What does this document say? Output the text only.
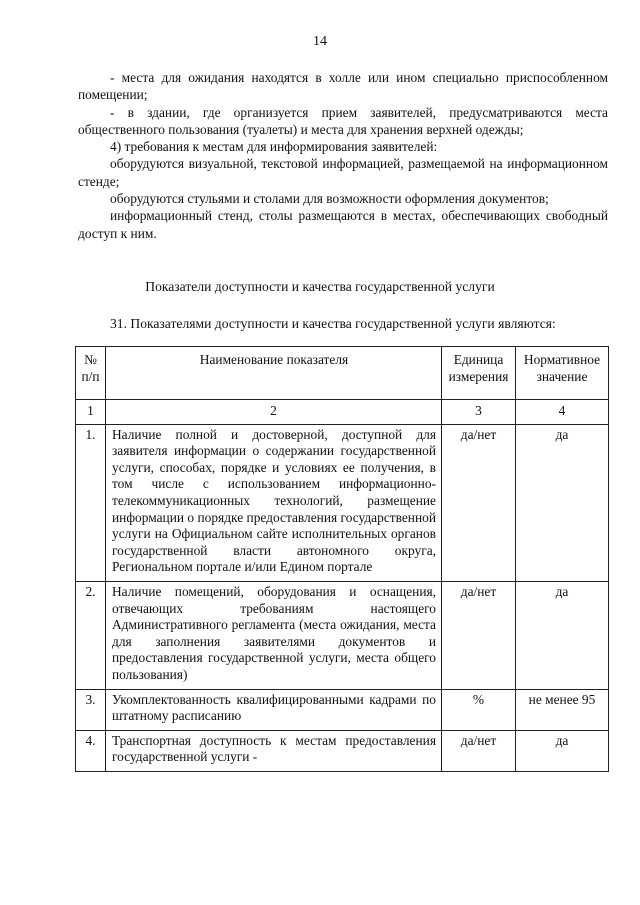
14

- места для ожидания находятся в холле или ином специально приспособленном помещении;

- в здании, где организуется прием заявителей, предусматриваются места общественного пользования (туалеты) и места для хранения верхней одежды;

4) требования к местам для информирования заявителей:

оборудуются визуальной, текстовой информацией, размещаемой на информационном стенде;

оборудуются стульями и столами для возможности оформления документов;

информационный стенд, столы размещаются в местах, обеспечивающих свободный доступ к ним.

Показатели доступности и качества государственной услуги
31. Показателями доступности и качества государственной услуги являются:
№ п/п	Наименование показателя	Единица измерения	Нормативное значение
1	2	3	4
1.	Наличие полной и достоверной, доступной для заявителя информации о содержании государственной услуги, способах, порядке и условиях ее получения, в том числе с использованием информационно-телекоммуникационных технологий, размещение информации о порядке предоставления государственной услуги на Официальном сайте исполнительных органов государственной власти автономного округа, Региональном портале и/или Едином портале	да/нет	да
2.	Наличие помещений, оборудования и оснащения, отвечающих требованиям настоящего Административного регламента (места ожидания, места для заполнения заявителями документов и предоставления государственной услуги, места общего пользования)	да/нет	да
3.	Укомплектованность квалифицированными кадрами по штатному расписанию	%	не менее 95
4.	Транспортная доступность к местам предоставления государственной услуги -	да/нет	да
